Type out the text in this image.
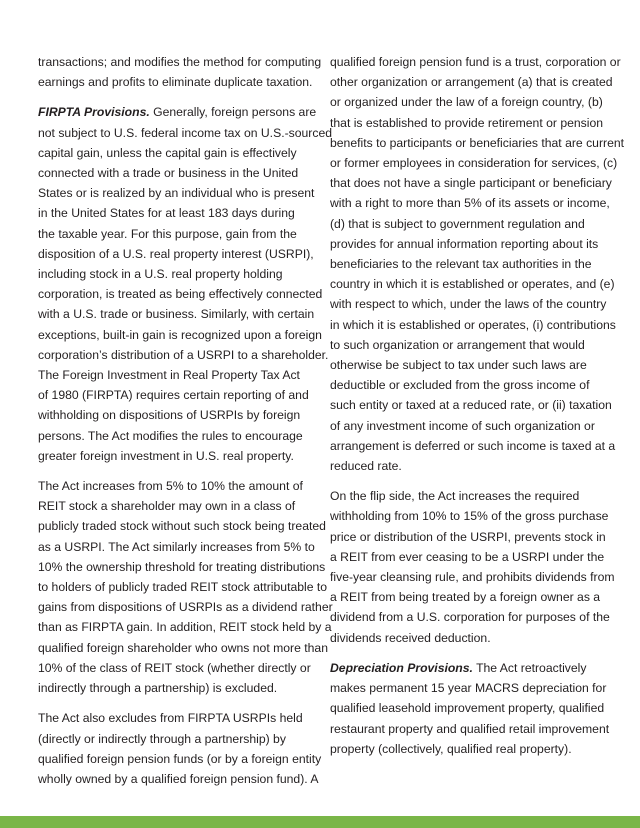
transactions; and modifies the method for computing
earnings and profits to eliminate duplicate taxation.
FIRPTA Provisions. Generally, foreign persons are
not subject to U.S. federal income tax on U.S.-sourced
capital gain, unless the capital gain is effectively
connected with a trade or business in the United
States or is realized by an individual who is present
in the United States for at least 183 days during
the taxable year. For this purpose, gain from the
disposition of a U.S. real property interest (USRPI),
including stock in a U.S. real property holding
corporation, is treated as being effectively connected
with a U.S. trade or business. Similarly, with certain
exceptions, built-in gain is recognized upon a foreign
corporation’s distribution of a USRPI to a shareholder.
The Foreign Investment in Real Property Tax Act
of 1980 (FIRPTA) requires certain reporting of and
withholding on dispositions of USRPIs by foreign
persons. The Act modifies the rules to encourage
greater foreign investment in U.S. real property.
The Act increases from 5% to 10% the amount of
REIT stock a shareholder may own in a class of
publicly traded stock without such stock being treated
as a USRPI. The Act similarly increases from 5% to
10% the ownership threshold for treating distributions
to holders of publicly traded REIT stock attributable to
gains from dispositions of USRPIs as a dividend rather
than as FIRPTA gain. In addition, REIT stock held by a
qualified foreign shareholder who owns not more than
10% of the class of REIT stock (whether directly or
indirectly through a partnership) is excluded.
The Act also excludes from FIRPTA USRPIs held
(directly or indirectly through a partnership) by
qualified foreign pension funds (or by a foreign entity
wholly owned by a qualified foreign pension fund). A
qualified foreign pension fund is a trust, corporation or
other organization or arrangement (a) that is created
or organized under the law of a foreign country, (b)
that is established to provide retirement or pension
benefits to participants or beneficiaries that are current
or former employees in consideration for services, (c)
that does not have a single participant or beneficiary
with a right to more than 5% of its assets or income,
(d) that is subject to government regulation and
provides for annual information reporting about its
beneficiaries to the relevant tax authorities in the
country in which it is established or operates, and (e)
with respect to which, under the laws of the country
in which it is established or operates, (i) contributions
to such organization or arrangement that would
otherwise be subject to tax under such laws are
deductible or excluded from the gross income of
such entity or taxed at a reduced rate, or (ii) taxation
of any investment income of such organization or
arrangement is deferred or such income is taxed at a
reduced rate.
On the flip side, the Act increases the required
withholding from 10% to 15% of the gross purchase
price or distribution of the USRPI, prevents stock in
a REIT from ever ceasing to be a USRPI under the
five-year cleansing rule, and prohibits dividends from
a REIT from being treated by a foreign owner as a
dividend from a U.S. corporation for purposes of the
dividends received deduction.
Depreciation Provisions. The Act retroactively
makes permanent 15 year MACRS depreciation for
qualified leasehold improvement property, qualified
restaurant property and qualified retail improvement
property (collectively, qualified real property).
